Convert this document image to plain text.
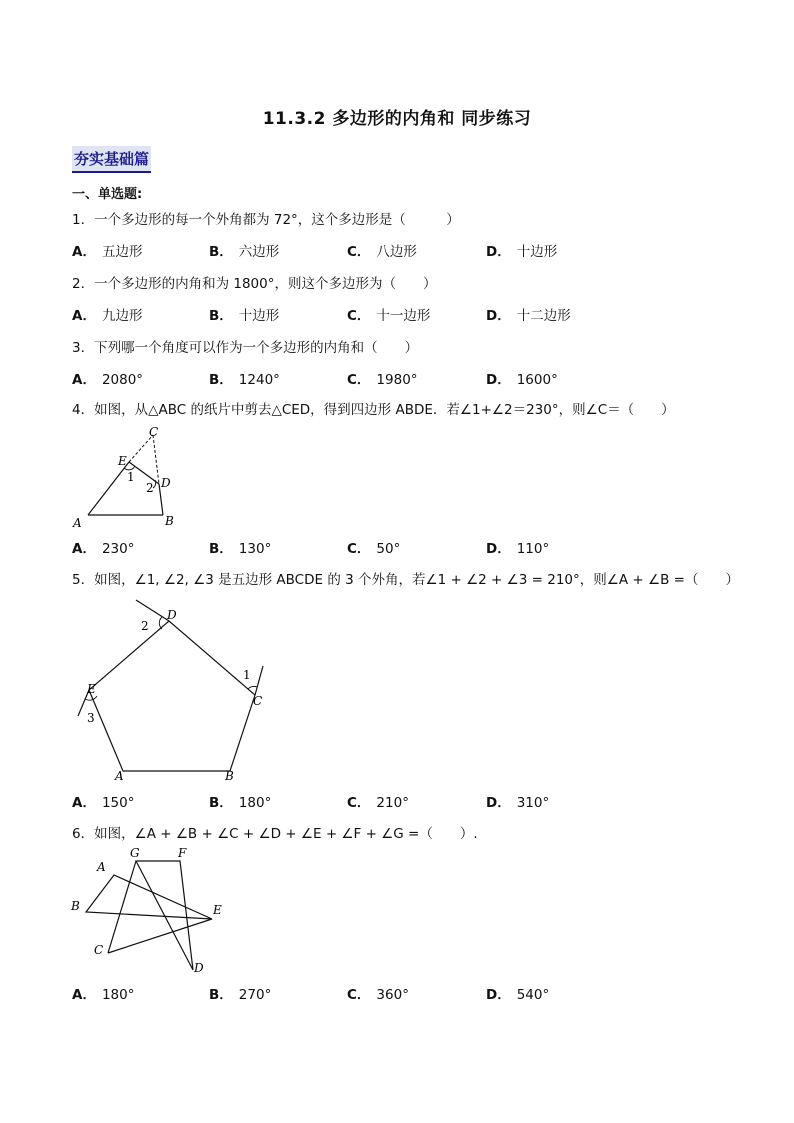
11.3.2 多边形的内角和 同步练习
夯实基础篇
一、单选题:
1．一个多边形的每一个外角都为 72°，这个多边形是（　　　）
A． 五边形	B． 六边形	C． 八边形	D． 十边形
2．一个多边形的内角和为 1800°，则这个多边形为（　　）
A． 九边形	B． 十边形	C． 十一边形	D． 十二边形
3．下列哪一个角度可以作为一个多边形的内角和（　　）
A． 2080°	B． 1240°	C． 1980°	D． 1600°
4．如图，从△ABC 的纸片中剪去△CED，得到四边形 ABDE．若∠1+∠2＝230°，则∠C＝（　　）
C
E
D
A	B
1
2
A． 230°	B． 130°	C． 50°	D． 110°
5．如图，∠1, ∠2, ∠3 是五边形 ABCDE 的 3 个外角，若∠1 + ∠2 + ∠3 = 210°，则∠A + ∠B =（　　）
D
C
E
A	B
1
2
3
A． 150°	B． 180°	C． 210°	D． 310°
6．如图，∠A + ∠B + ∠C + ∠D + ∠E + ∠F + ∠G =（　　）.
A
B
C
D
E
F
G
A． 180°	B． 270°	C． 360°	D． 540°
